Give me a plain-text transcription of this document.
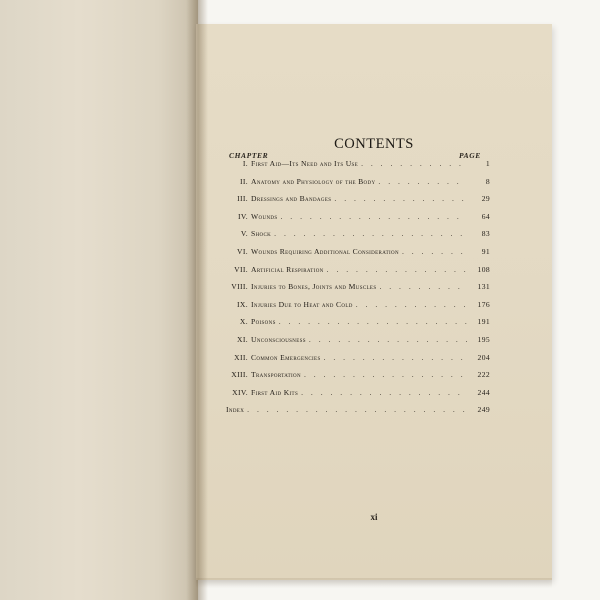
CONTENTS
CHAPTER	PAGE
I. First Aid—Its Need and Its Use . . .	1
II. Anatomy and Physiology of the Body . . .	8
III. Dressings and Bandages . . .	29
IV. Wounds . . .	64
V. Shock . . .	83
VI. Wounds Requiring Additional Consideration . . .	91
VII. Artificial Respiration . . .	108
VIII. Injuries to Bones, Joints and Muscles . . .	131
IX. Injuries Due to Heat and Cold . . .	176
X. Poisons . . .	191
XI. Unconsciousness . . .	195
XII. Common Emergencies . . .	204
XIII. Transportation . . .	222
XIV. First Aid Kits . . .	244
Index . . .	249
xi
